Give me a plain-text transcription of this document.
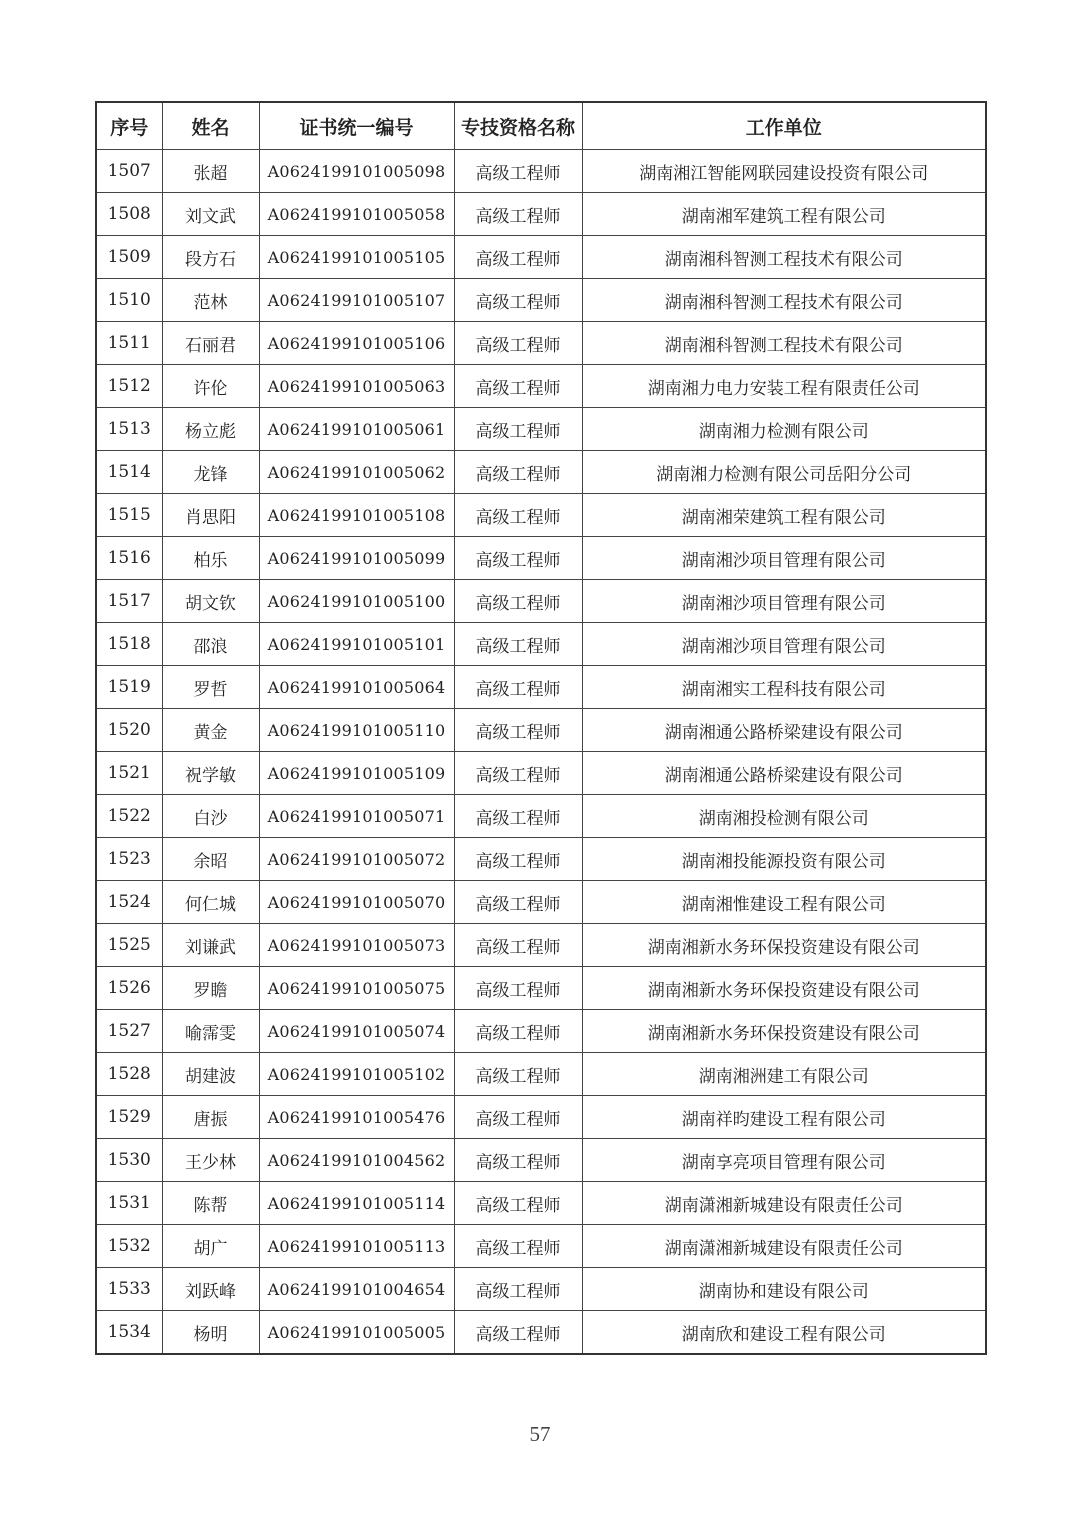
序号	姓名	证书统一编号	专技资格名称	工作单位
1507	张超	A0624199101005098	高级工程师	湖南湘江智能网联园建设投资有限公司
1508	刘文武	A0624199101005058	高级工程师	湖南湘军建筑工程有限公司
1509	段方石	A0624199101005105	高级工程师	湖南湘科智测工程技术有限公司
1510	范林	A0624199101005107	高级工程师	湖南湘科智测工程技术有限公司
1511	石丽君	A0624199101005106	高级工程师	湖南湘科智测工程技术有限公司
1512	许伦	A0624199101005063	高级工程师	湖南湘力电力安装工程有限责任公司
1513	杨立彪	A0624199101005061	高级工程师	湖南湘力检测有限公司
1514	龙锋	A0624199101005062	高级工程师	湖南湘力检测有限公司岳阳分公司
1515	肖思阳	A0624199101005108	高级工程师	湖南湘荣建筑工程有限公司
1516	柏乐	A0624199101005099	高级工程师	湖南湘沙项目管理有限公司
1517	胡文钦	A0624199101005100	高级工程师	湖南湘沙项目管理有限公司
1518	邵浪	A0624199101005101	高级工程师	湖南湘沙项目管理有限公司
1519	罗哲	A0624199101005064	高级工程师	湖南湘实工程科技有限公司
1520	黄金	A0624199101005110	高级工程师	湖南湘通公路桥梁建设有限公司
1521	祝学敏	A0624199101005109	高级工程师	湖南湘通公路桥梁建设有限公司
1522	白沙	A0624199101005071	高级工程师	湖南湘投检测有限公司
1523	余昭	A0624199101005072	高级工程师	湖南湘投能源投资有限公司
1524	何仁城	A0624199101005070	高级工程师	湖南湘惟建设工程有限公司
1525	刘谦武	A0624199101005073	高级工程师	湖南湘新水务环保投资建设有限公司
1526	罗瞻	A0624199101005075	高级工程师	湖南湘新水务环保投资建设有限公司
1527	喻霈雯	A0624199101005074	高级工程师	湖南湘新水务环保投资建设有限公司
1528	胡建波	A0624199101005102	高级工程师	湖南湘洲建工有限公司
1529	唐振	A0624199101005476	高级工程师	湖南祥昀建设工程有限公司
1530	王少林	A0624199101004562	高级工程师	湖南享亮项目管理有限公司
1531	陈帮	A0624199101005114	高级工程师	湖南潇湘新城建设有限责任公司
1532	胡广	A0624199101005113	高级工程师	湖南潇湘新城建设有限责任公司
1533	刘跃峰	A0624199101004654	高级工程师	湖南协和建设有限公司
1534	杨明	A0624199101005005	高级工程师	湖南欣和建设工程有限公司
57
